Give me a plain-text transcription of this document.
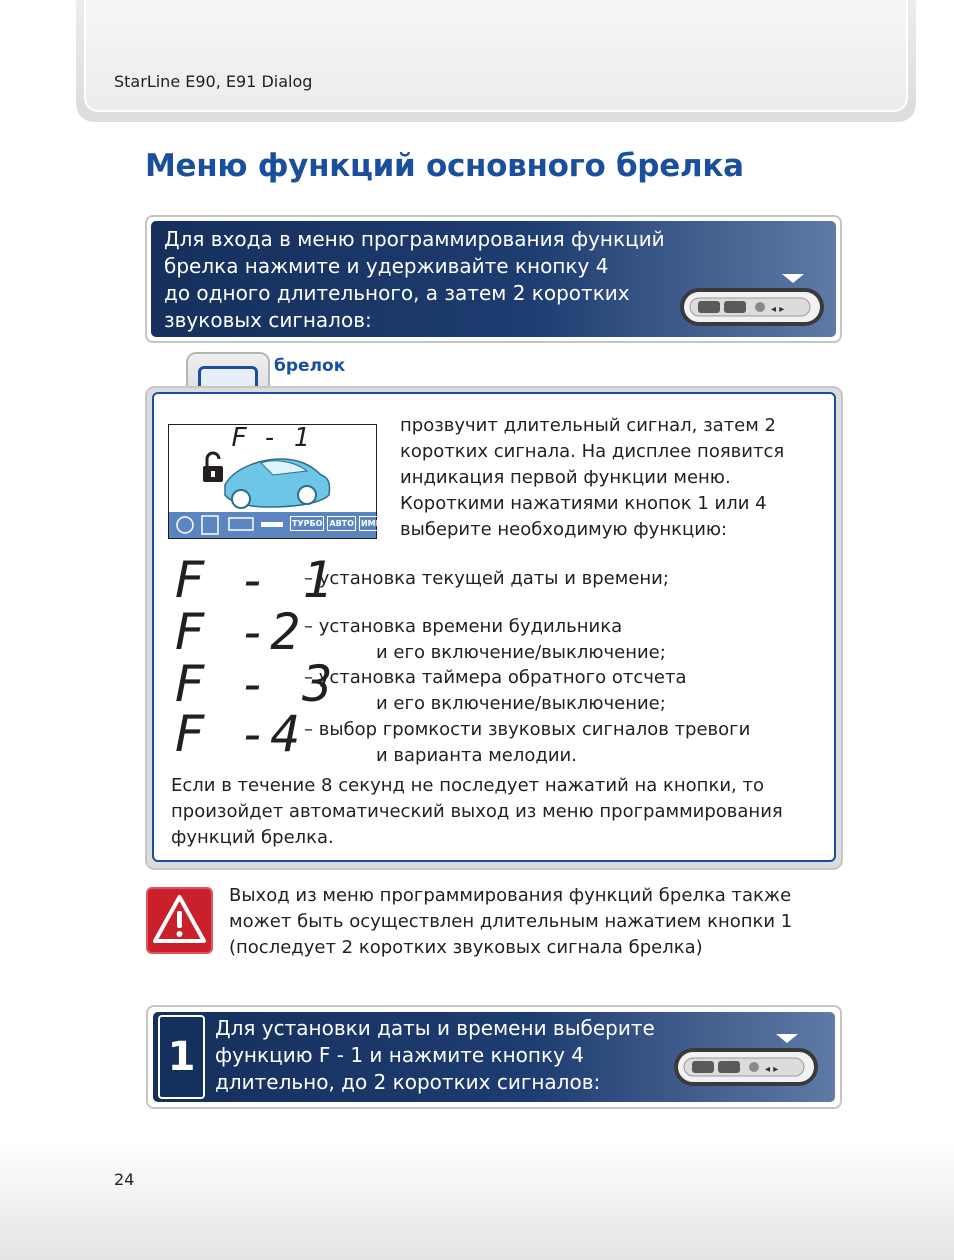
StarLine E90, E91 Dialog
Меню функций основного брелка
Для входа в меню программирования функций
брелка нажмите и удерживайте кнопку 4
до одного длительного, а затем 2 коротких
звуковых сигналов:	◂ ▸
брелок
F - 1
ТУРБО АВТО ИММО
прозвучит длительный сигнал, затем 2
коротких сигнала. На дисплее появится
индикация первой функции меню.
Короткими нажатиями кнопок 1 или 4
выберите необходимую функцию:
F - 1
– установка текущей даты и времени;
F -2 – установка времени будильника
и его включение/выключение;
F - 3
– установка таймера обратного отсчета
и его включение/выключение;
F -4 – выбор громкости звуковых сигналов тревоги
и варианта мелодии.
Если в течение 8 секунд не последует нажатий на кнопки, то
произойдет автоматический выход из меню программирования
функций брелка.
Выход из меню программирования функций брелка также
может быть осуществлен длительным нажатием кнопки 1
(последует 2 коротких звуковых сигнала брелка)
1
Для установки даты и времени выберите
функцию F - 1 и нажмите кнопку 4
длительно, до 2 коротких сигналов:
◂ ▸
24
